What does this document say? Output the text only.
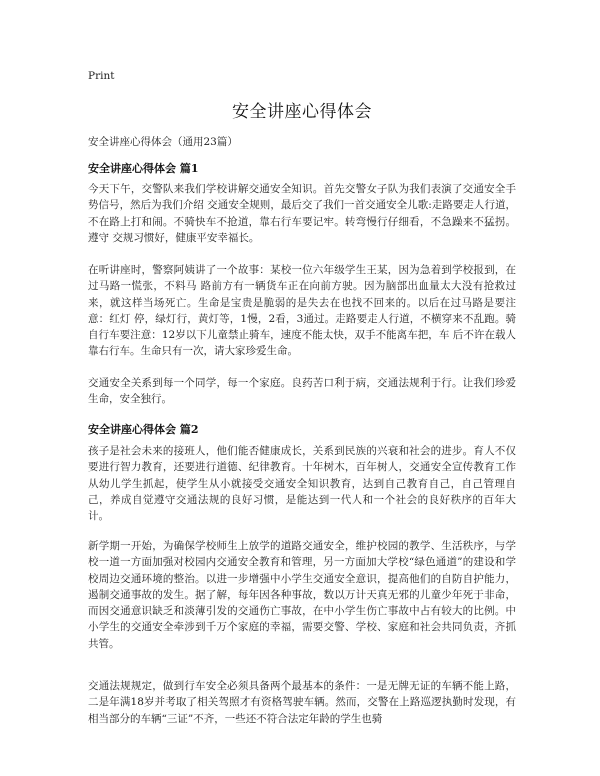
Print
安全讲座心得体会
安全讲座心得体会（通用23篇）
安全讲座心得体会 篇1

今天下午，交警队来我们学校讲解交通安全知识。首先交警女子队为我们表演了交通安全手势信号，然后为我们介绍 交通安全规则，最后交了我们一首交通安全儿歌:走路要走人行道，不在路上打和闹。不骑快车不抢道，靠右行车要记牢。转弯慢行仔细看，不急躁来不猛拐。遵守 交规习惯好，健康平安幸福长。

在听讲座时，警察阿姨讲了一个故事：某校一位六年级学生王某，因为急着到学校报到，在过马路一慌张，不料马 路前方有一辆货车正在向前方驶。因为脑部出血量太大没有抢救过来，就这样当场死亡。生命是宝贵是脆弱的是失去在也找不回来的。以后在过马路是要注意：红灯 停，绿灯行，黄灯等，1慢，2看，3通过。走路要走人行道，不横穿来不乱跑。骑自行车要注意：12岁以下儿童禁止骑车，速度不能太快，双手不能离车把，车 后不许在载人靠右行车。生命只有一次，请大家珍爱生命。

交通安全关系到每一个同学，每一个家庭。良药苦口利于病，交通法规利于行。让我们珍爱生命，安全独行。

安全讲座心得体会 篇2

孩子是社会未来的接班人，他们能否健康成长，关系到民族的兴衰和社会的进步。育人不仅要进行智力教育，还要进行道德、纪律教育。十年树木，百年树人，交通安全宣传教育工作从幼儿学生抓起，使学生从小就接受交通安全知识教育，达到自己教育自己，自己管理自己，养成自觉遵守交通法规的良好习惯，是能达到一代人和一个社会的良好秩序的百年大计。

新学期一开始，为确保学校师生上放学的道路交通安全，维护校园的教学、生活秩序，与学校一道一方面加强对校园内交通安全教育和管理，另一方面加大学校“绿色通道”的建设和学校周边交通环境的整治。以进一步增强中小学生交通安全意识，提高他们的自防自护能力，遏制交通事故的发生。据了解，每年因各种事故，数以万计天真无邪的儿童少年死于非命，而因交通意识缺乏和淡薄引发的交通伤亡事故，在中小学生伤亡事故中占有较大的比例。中小学生的交通安全牵涉到千万个家庭的幸福，需要交警、学校、家庭和社会共同负责，齐抓共管。

交通法规规定，做到行车安全必须具备两个最基本的条件：一是无牌无证的车辆不能上路，二是年满18岁并考取了相关驾照才有资格驾驶车辆。然而，交警在上路巡逻执勤时发现，有相当部分的车辆“三证”不齐，一些还不符合法定年龄的学生也骑
